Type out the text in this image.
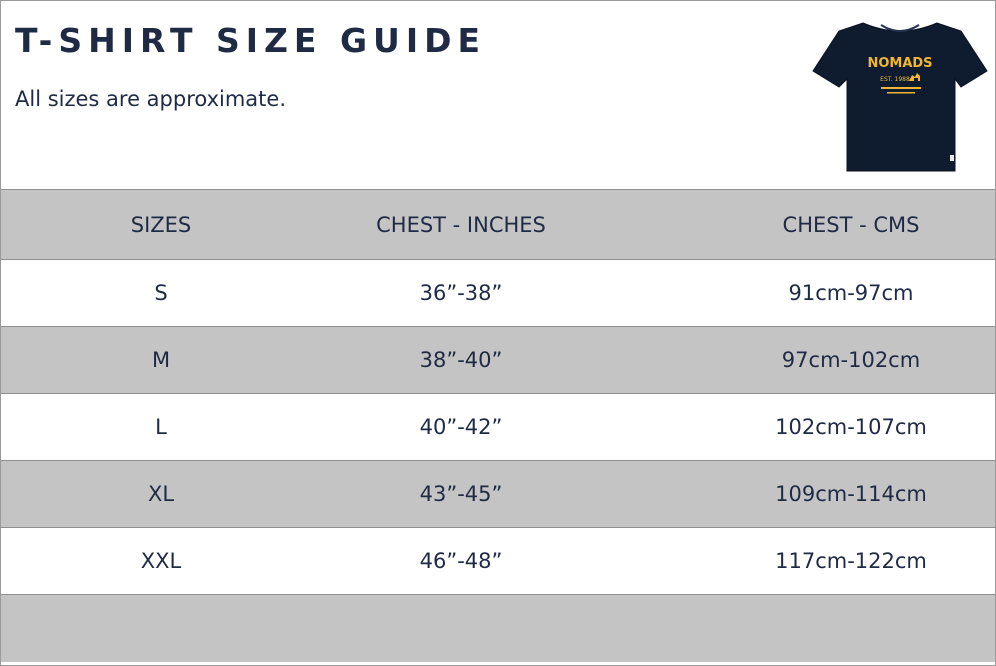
T-SHIRT SIZE GUIDE

All sizes are approximate.

NOMADS
EST. 1988
SIZES	CHEST - INCHES	CHEST - CMS
S	36”-38”	91cm-97cm
M	38”-40”	97cm-102cm
L	40”-42”	102cm-107cm
XL	43”-45”	109cm-114cm
XXL	46”-48”	117cm-122cm
